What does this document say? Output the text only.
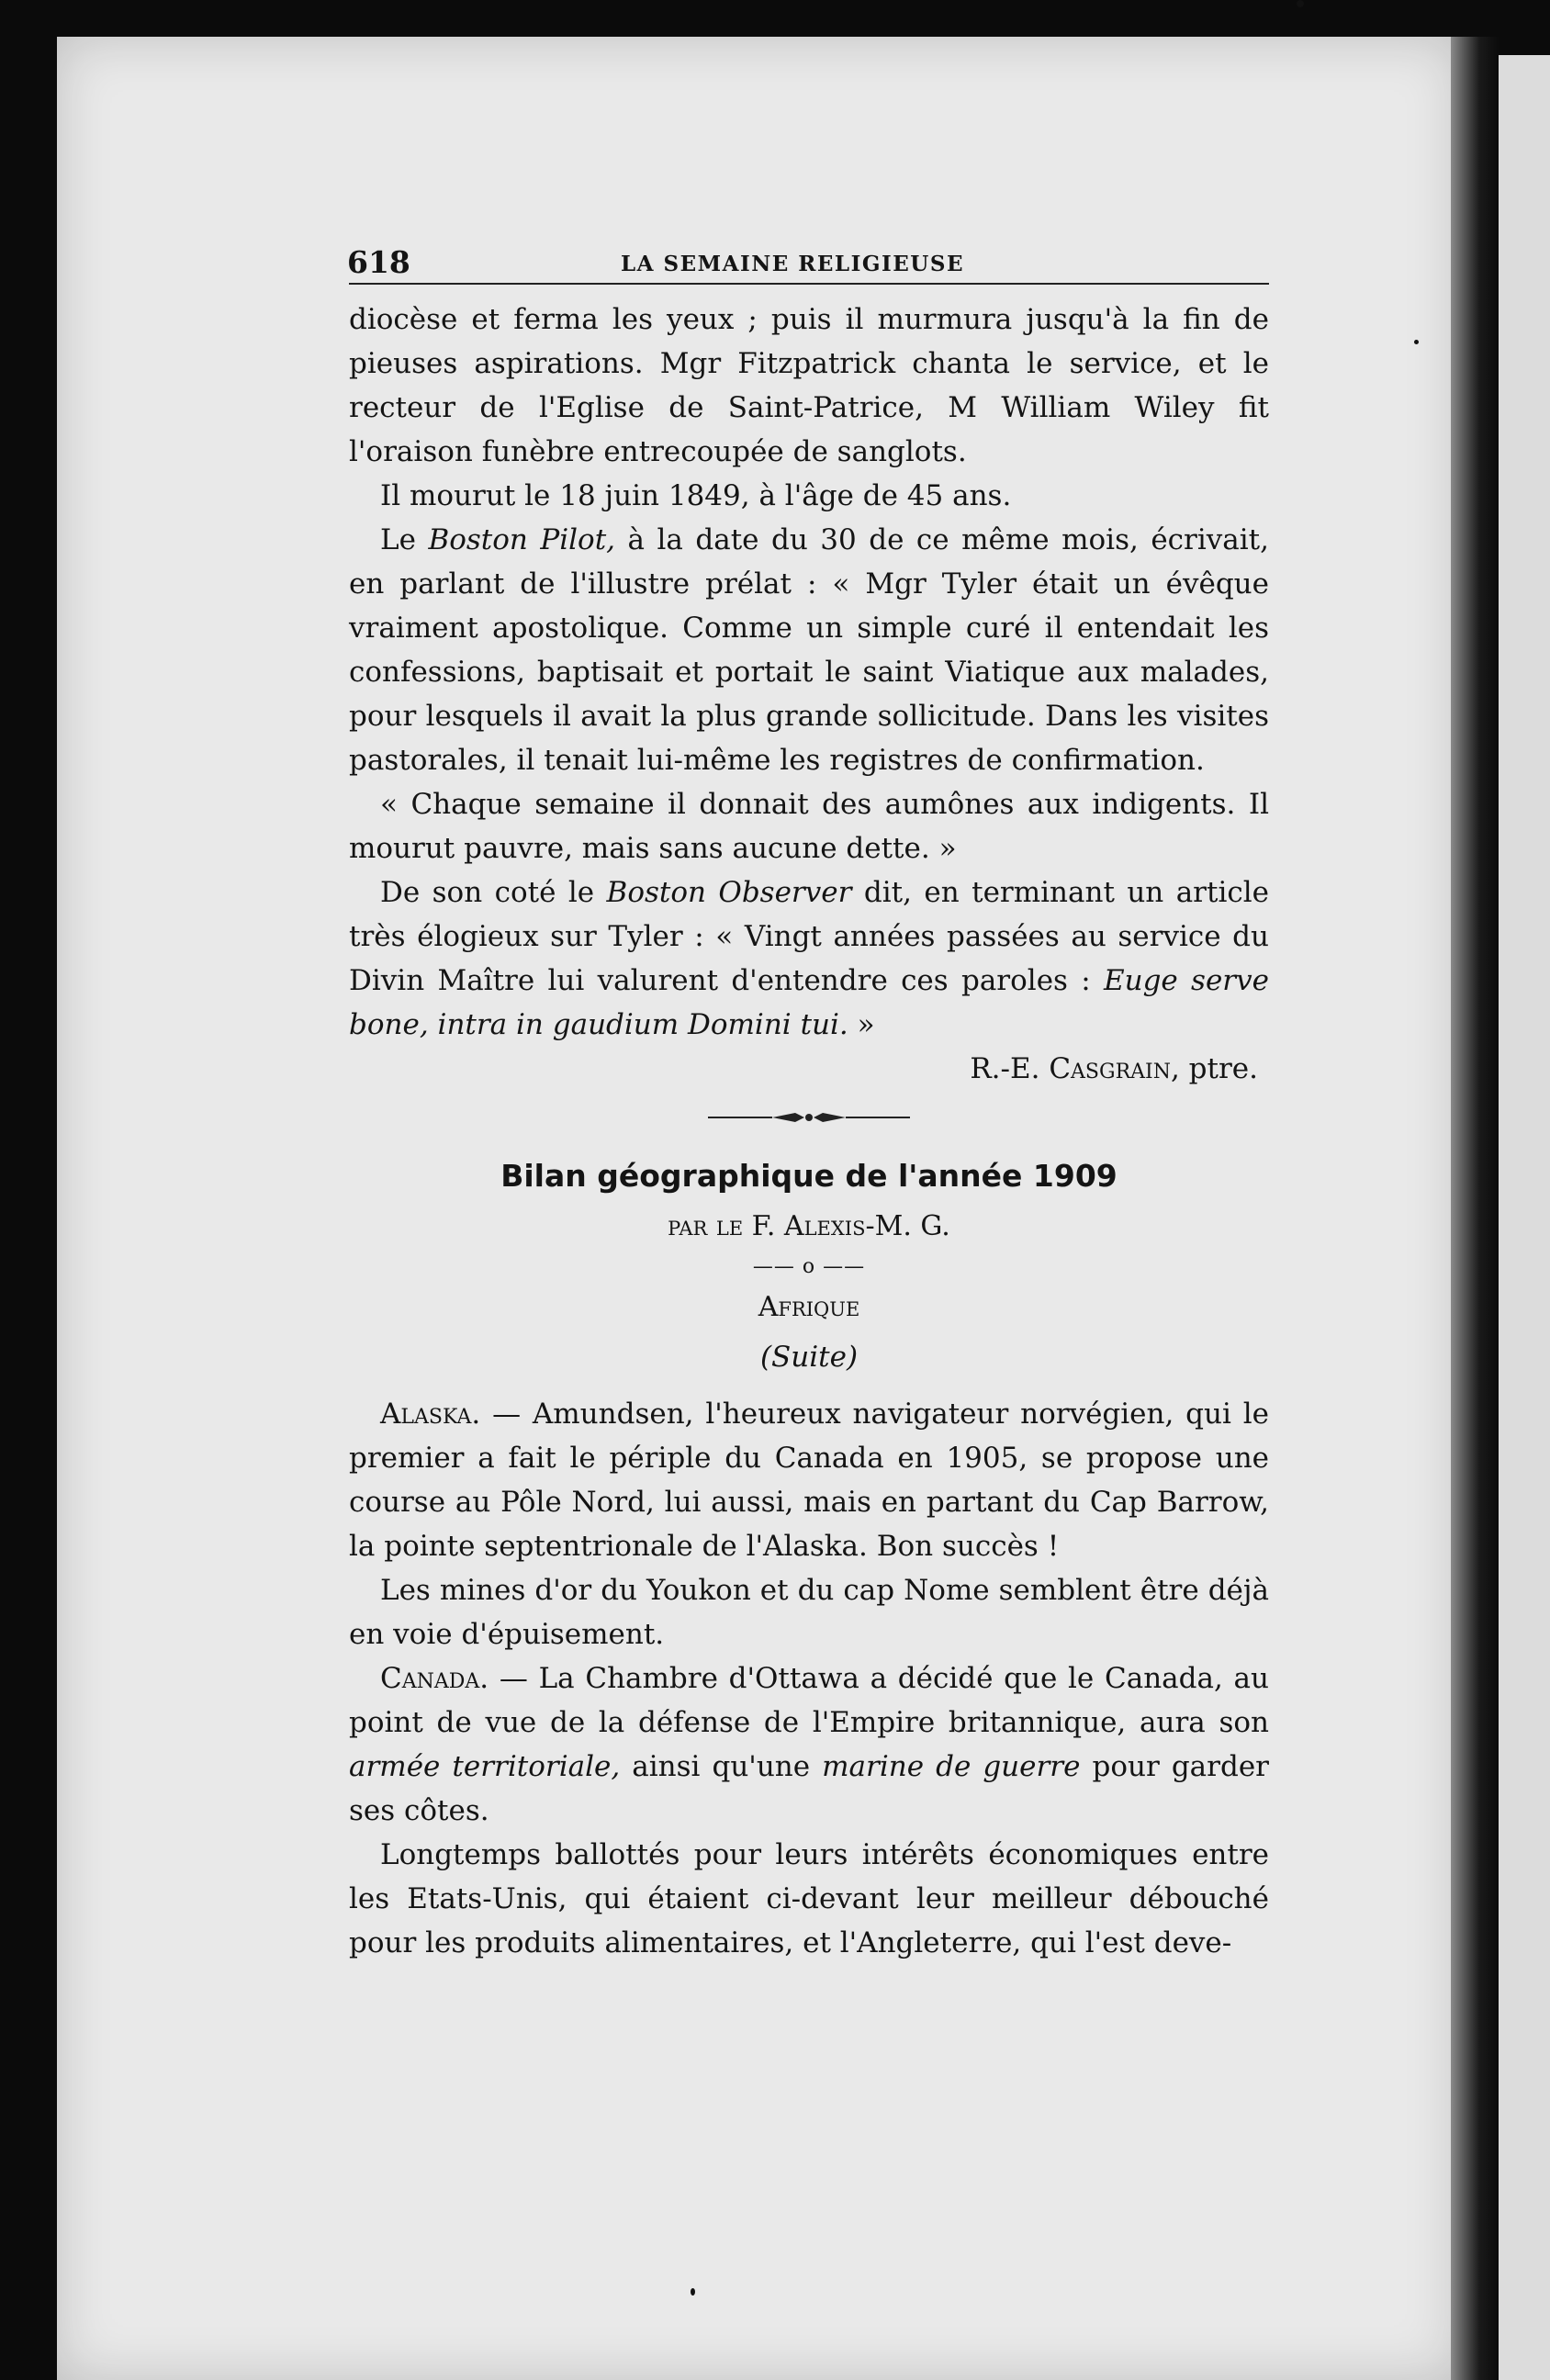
618	LA SEMAINE RELIGIEUSE

diocèse et ferma les yeux ; puis il murmura jusqu'à la fin de pieuses aspirations. Mgr Fitzpatrick chanta le service, et le recteur de l'Eglise de Saint-Patrice, M William Wiley fit l'oraison funèbre entrecoupée de sanglots.

Il mourut le 18 juin 1849, à l'âge de 45 ans.

Le Boston Pilot, à la date du 30 de ce même mois, écrivait, en parlant de l'illustre prélat : « Mgr Tyler était un évêque vraiment apostolique. Comme un simple curé il entendait les confessions, baptisait et portait le saint Viatique aux malades, pour lesquels il avait la plus grande sollicitude. Dans les visites pastorales, il tenait lui-même les registres de confirmation.

« Chaque semaine il donnait des aumônes aux indigents. Il mourut pauvre, mais sans aucune dette. »

De son coté le Boston Observer dit, en terminant un article très élogieux sur Tyler : « Vingt années passées au service du Divin Maître lui valurent d'entendre ces paroles : Euge serve bone, intra in gaudium Domini tui. »

R.-E. Casgrain, ptre.

Bilan géographique de l'année 1909

par le F. Alexis-M. G.

—— o ——

Afrique

(Suite)

Alaska. — Amundsen, l'heureux navigateur norvégien, qui le premier a fait le périple du Canada en 1905, se propose une course au Pôle Nord, lui aussi, mais en partant du Cap Barrow, la pointe septentrionale de l'Alaska. Bon succès !

Les mines d'or du Youkon et du cap Nome semblent être déjà en voie d'épuisement.

Canada. — La Chambre d'Ottawa a décidé que le Canada, au point de vue de la défense de l'Empire britannique, aura son armée territoriale, ainsi qu'une marine de guerre pour garder ses côtes.

Longtemps ballottés pour leurs intérêts économiques entre les Etats-Unis, qui étaient ci-devant leur meilleur débouché pour les produits alimentaires, et l'Angleterre, qui l'est deve-
